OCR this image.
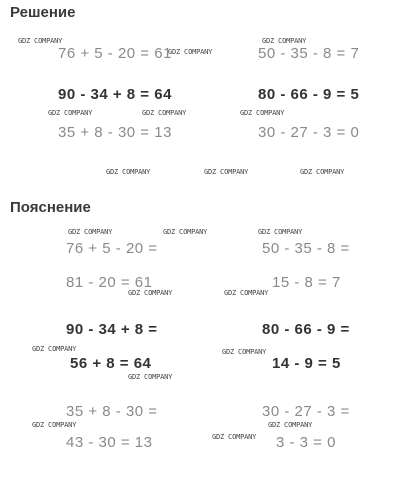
Решение
76 + 5 - 20 = 61	50 - 35 - 8 = 7
90 - 34 + 8 = 64	80 - 66 - 9 = 5
35 + 8 - 30 = 13	30 - 27 - 3 = 0
Пояснение
76 + 5 - 20 =	50 - 35 - 8 =
81 - 20 = 61	15 - 8 = 7
90 - 34 + 8 =	80 - 66 - 9 =
56 + 8 = 64	14 - 9 = 5
35 + 8 - 30 =	30 - 27 - 3 =
43 - 30 = 13	3 - 3 = 0
GDZ COMPANY
GDZ COMPANY
GDZ COMPANY
GDZ COMPANY	GDZ COMPANY	GDZ COMPANY
GDZ COMPANY	GDZ COMPANY	GDZ COMPANY
GDZ COMPANY	GDZ COMPANY	GDZ COMPANY
GDZ COMPANY	GDZ COMPANY
GDZ COMPANY	GDZ COMPANY
GDZ COMPANY
GDZ COMPANY	GDZ COMPANY
GDZ COMPANY
